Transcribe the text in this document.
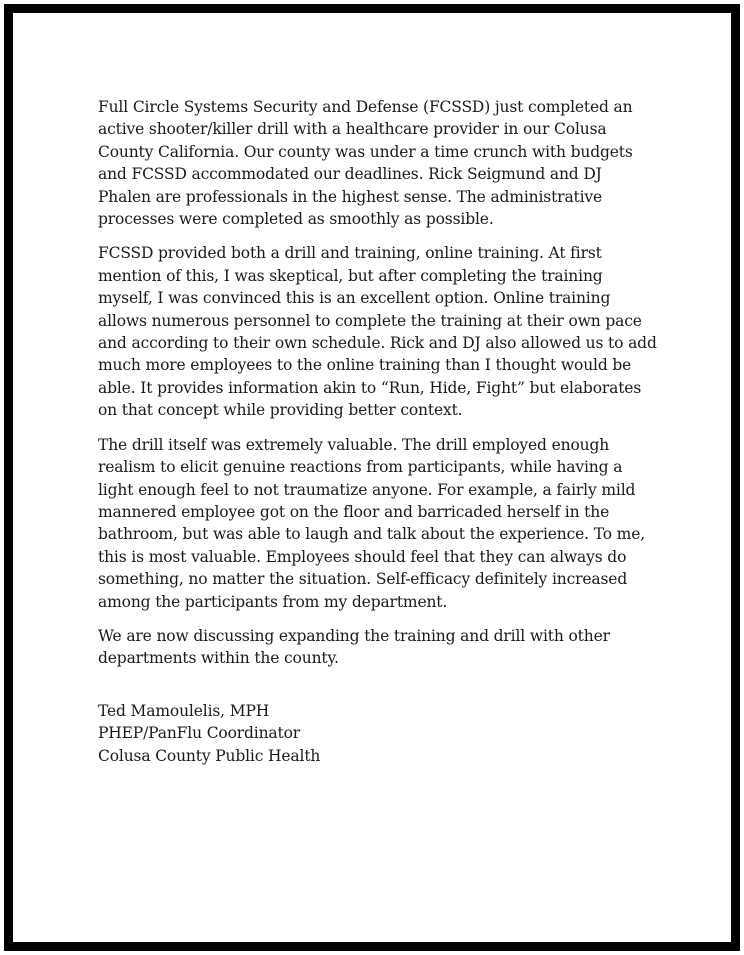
Full Circle Systems Security and Defense (FCSSD) just completed an active shooter/killer drill with a healthcare provider in our Colusa County California. Our county was under a time crunch with budgets and FCSSD accommodated our deadlines. Rick Seigmund and DJ Phalen are professionals in the highest sense. The administrative processes were completed as smoothly as possible.

FCSSD provided both a drill and training, online training. At first mention of this, I was skeptical, but after completing the training myself, I was convinced this is an excellent option. Online training allows numerous personnel to complete the training at their own pace and according to their own schedule. Rick and DJ also allowed us to add much more employees to the online training than I thought would be able. It provides information akin to “Run, Hide, Fight” but elaborates on that concept while providing better context.

The drill itself was extremely valuable. The drill employed enough realism to elicit genuine reactions from participants, while having a light enough feel to not traumatize anyone. For example, a fairly mild mannered employee got on the floor and barricaded herself in the bathroom, but was able to laugh and talk about the experience. To me, this is most valuable. Employees should feel that they can always do something, no matter the situation. Self-efficacy definitely increased among the participants from my department.

We are now discussing expanding the training and drill with other departments within the county.

Ted Mamoulelis, MPH
PHEP/PanFlu Coordinator
Colusa County Public Health
